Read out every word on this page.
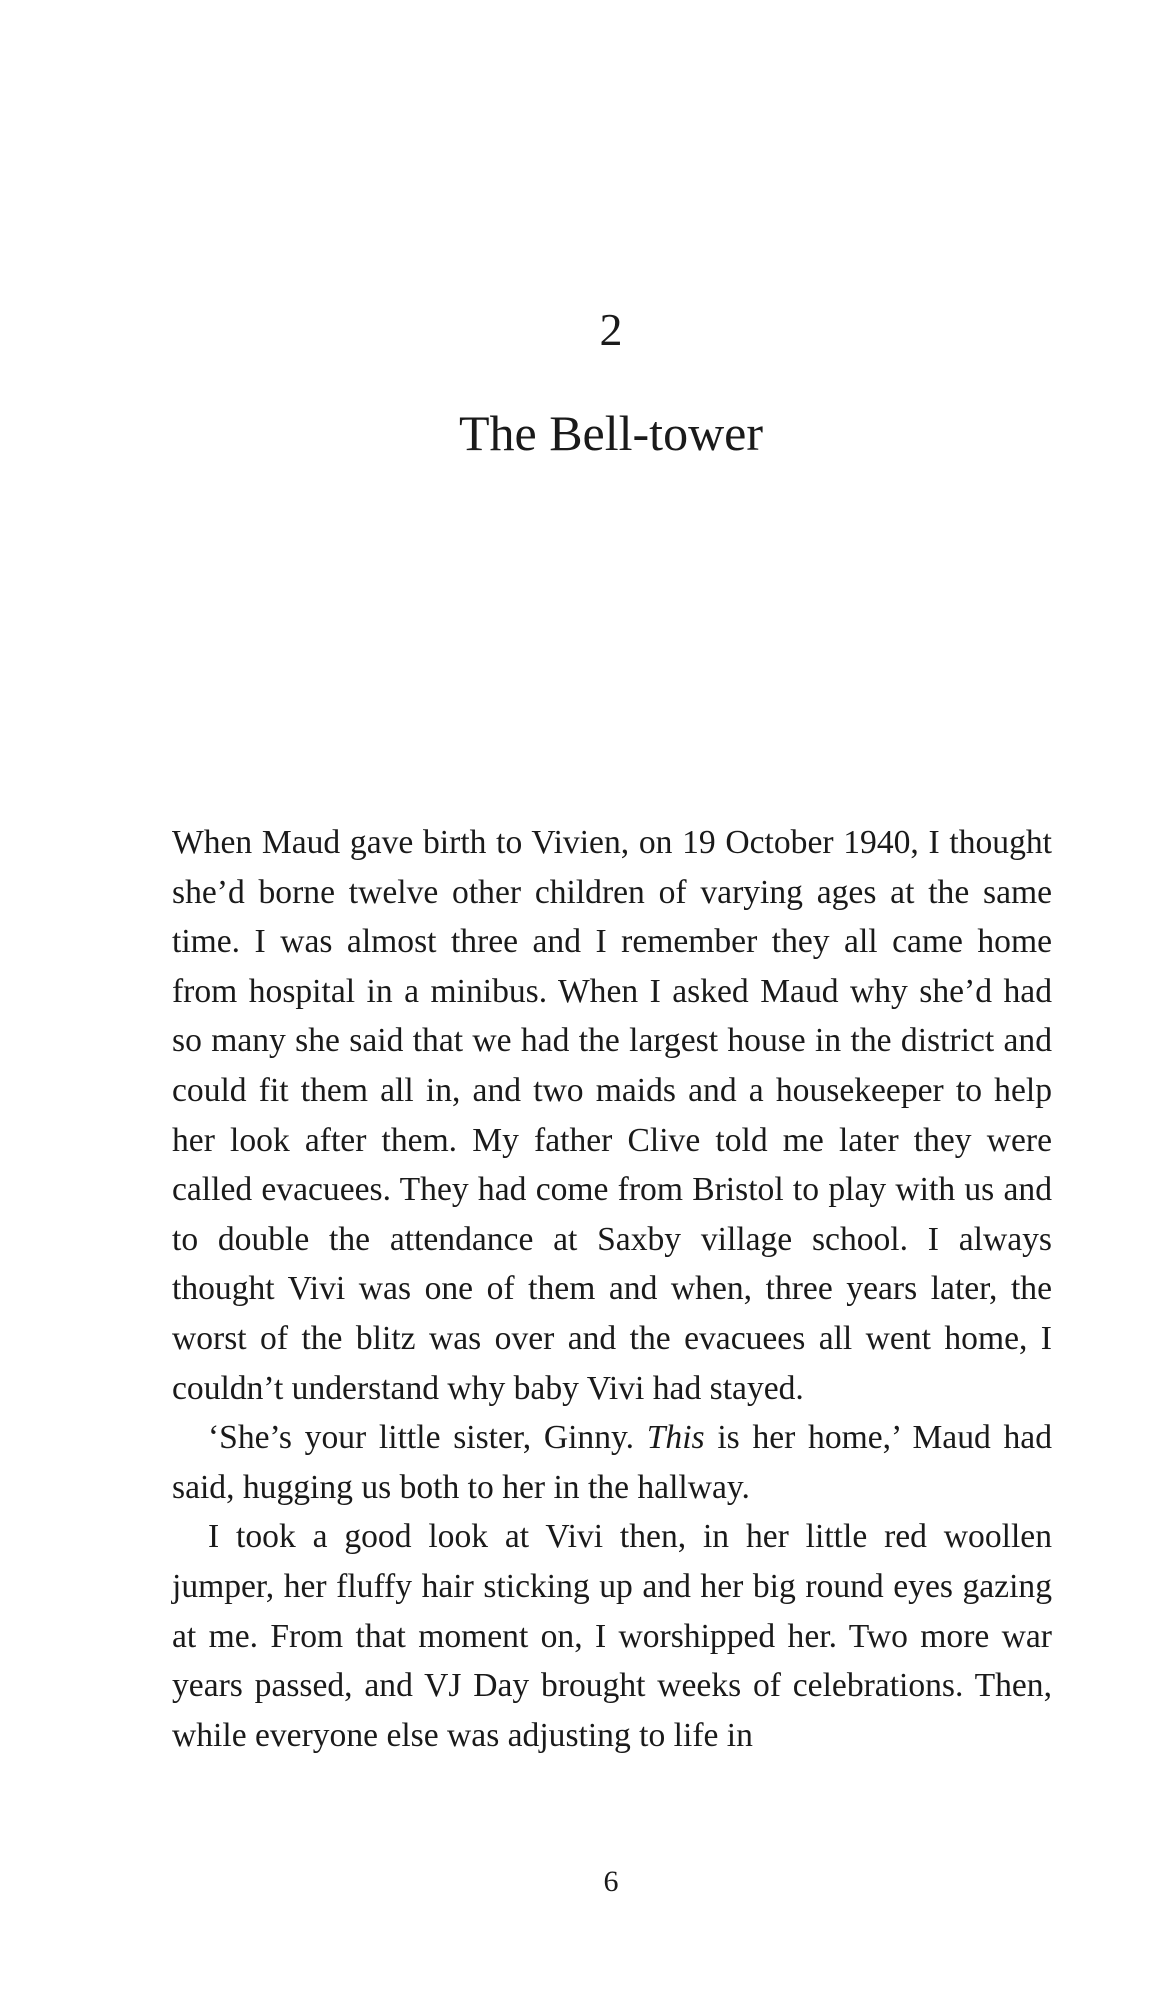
2
The Bell-tower

When Maud gave birth to Vivien, on 19 October 1940, I thought she’d borne twelve other children of varying ages at the same time. I was almost three and I remember they all came home from hospital in a minibus. When I asked Maud why she’d had so many she said that we had the largest house in the district and could fit them all in, and two maids and a housekeeper to help her look after them. My father Clive told me later they were called evacuees. They had come from Bristol to play with us and to double the attendance at Saxby village school. I always thought Vivi was one of them and when, three years later, the worst of the blitz was over and the evacuees all went home, I couldn’t understand why baby Vivi had stayed.

‘She’s your little sister, Ginny. This is her home,’ Maud had said, hugging us both to her in the hallway.

I took a good look at Vivi then, in her little red woollen jumper, her fluffy hair sticking up and her big round eyes gazing at me. From that moment on, I worshipped her. Two more war years passed, and VJ Day brought weeks of celebrations. Then, while everyone else was adjusting to life in

6
